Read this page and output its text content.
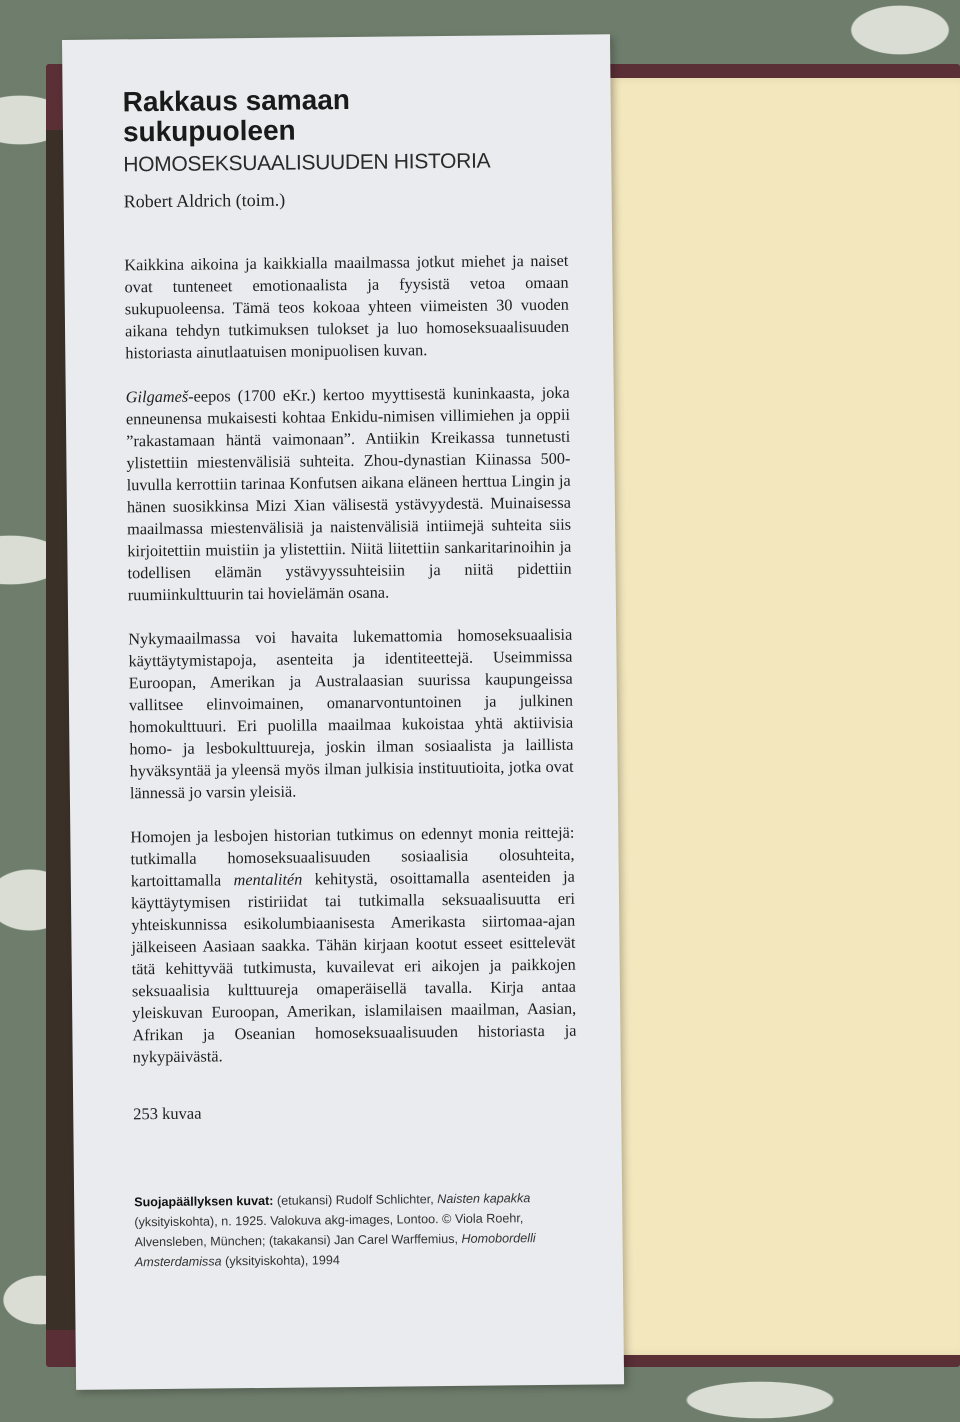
Rakkaus samaan
sukupuoleen
HOMOSEKSUAALISUUDEN HISTORIA
Robert Aldrich (toim.)

Kaikkina aikoina ja kaikkialla maailmassa jotkut miehet ja naiset ovat tunteneet emotionaalista ja fyysistä vetoa omaan sukupuoleensa. Tämä teos kokoaa yhteen viimeisten 30 vuoden aikana tehdyn tutkimuksen tulokset ja luo homoseksuaalisuuden historiasta ainutlaatuisen monipuolisen kuvan.

Gilgameš-eepos (1700 eKr.) kertoo myyttisestä kuninkaasta, joka enneunensa mukaisesti kohtaa Enkidu-nimisen villimiehen ja oppii ”rakastamaan häntä vaimonaan”. Antiikin Kreikassa tunnetusti ylistettiin miestenvälisiä suhteita. Zhou-dynastian Kiinassa 500-luvulla kerrottiin tarinaa Konfutsen aikana eläneen herttua Lingin ja hänen suosikkinsa Mizi Xian välisestä ystävyydestä. Muinaisessa maailmassa miestenvälisiä ja naistenvälisiä intiimejä suhteita siis kirjoitettiin muistiin ja ylistettiin. Niitä liitettiin sankaritarinoihin ja todellisen elämän ystävyyssuhteisiin ja niitä pidettiin ruumiinkulttuurin tai hovielämän osana.

Nykymaailmassa voi havaita lukemattomia homoseksuaalisia käyttäytymistapoja, asenteita ja identiteettejä. Useimmissa Euroopan, Amerikan ja Australaasian suurissa kaupungeissa vallitsee elinvoimainen, omanarvontuntoinen ja julkinen homokulttuuri. Eri puolilla maailmaa kukoistaa yhtä aktiivisia homo- ja lesbokulttuureja, joskin ilman sosiaalista ja laillista hyväksyntää ja yleensä myös ilman julkisia instituutioita, jotka ovat lännessä jo varsin yleisiä.

Homojen ja lesbojen historian tutkimus on edennyt monia reittejä: tutkimalla homoseksuaalisuuden sosiaalisia olosuhteita, kartoittamalla mentalitén kehitystä, osoittamalla asenteiden ja käyttäytymisen ristiriidat tai tutkimalla seksuaalisuutta eri yhteiskunnissa esikolumbiaanisesta Amerikasta siirtomaa-ajan jälkeiseen Aasiaan saakka. Tähän kirjaan kootut esseet esittelevät tätä kehittyvää tutkimusta, kuvailevat eri aikojen ja paikkojen seksuaalisia kulttuureja omaperäisellä tavalla. Kirja antaa yleiskuvan Euroopan, Amerikan, islamilaisen maailman, Aasian, Afrikan ja Oseanian homoseksuaalisuuden historiasta ja nykypäivästä.

253 kuvaa
Suojapäällyksen kuvat: (etukansi) Rudolf Schlichter, Naisten kapakka (yksityiskohta), n. 1925. Valokuva akg-images, Lontoo. © Viola Roehr, Alvensleben, München; (takakansi) Jan Carel Warffemius, Homobordelli Amsterdamissa (yksityiskohta), 1994
